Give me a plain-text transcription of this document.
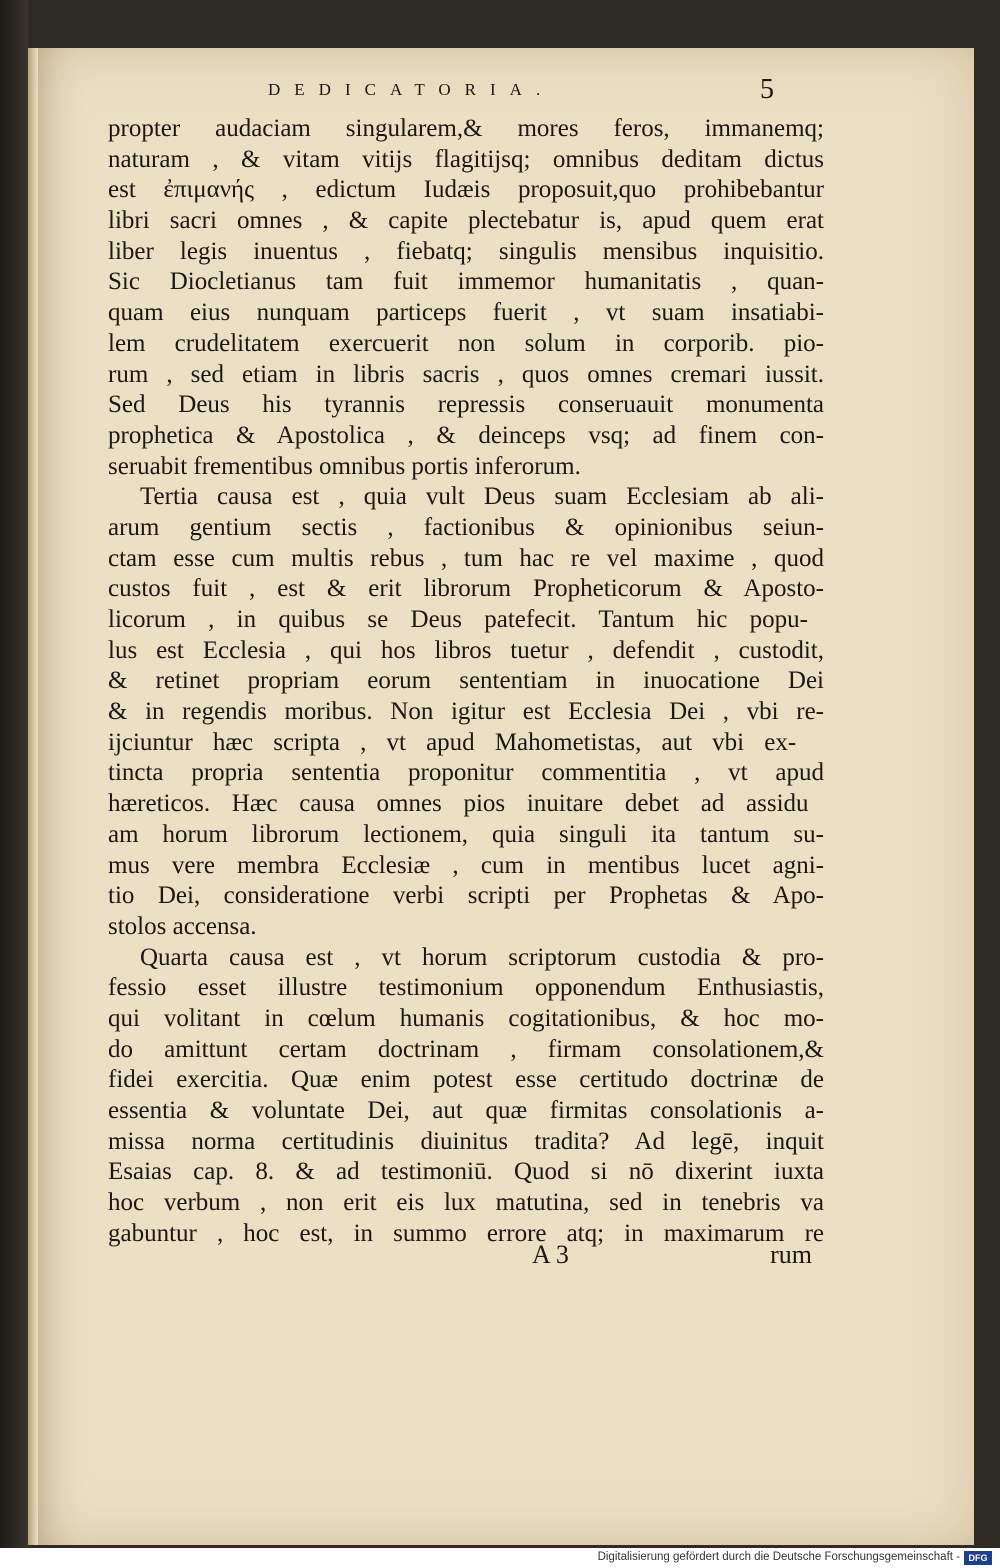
DEDICATORIA.	5
propter audaciam singularem,& mores feros, immanemq;
naturam , & vitam vitijs flagitijsq; omnibus deditam dictus
est ἐπιμανής , edictum Iudæis proposuit,quo prohibebantur
libri sacri omnes , & capite plectebatur is, apud quem erat
liber legis inuentus , fiebatq; singulis mensibus inquisitio.
Sic Diocletianus tam fuit immemor humanitatis , quan-
quam eius nunquam particeps fuerit , vt suam insatiabi-
lem crudelitatem exercuerit non solum in corporib. pio-
rum , sed etiam in libris sacris , quos omnes cremari iussit.
Sed Deus his tyrannis repressis conseruauit monumenta
prophetica & Apostolica , & deinceps vsq; ad finem con-
seruabit frementibus omnibus portis inferorum.
Tertia causa est , quia vult Deus suam Ecclesiam ab ali-
arum gentium sectis , factionibus & opinionibus seiun-
ctam esse cum multis rebus , tum hac re vel maxime , quod
custos fuit , est & erit librorum Propheticorum & Aposto-
licorum , in quibus se Deus patefecit. Tantum hic popu-
lus est Ecclesia , qui hos libros tuetur , defendit , custodit,
& retinet propriam eorum sententiam in inuocatione Dei
& in regendis moribus. Non igitur est Ecclesia Dei , vbi re-
ijciuntur hæc scripta , vt apud Mahometistas, aut vbi ex-
tincta propria sententia proponitur commentitia , vt apud
hæreticos. Hæc causa omnes pios inuitare debet ad assidu
am horum librorum lectionem, quia singuli ita tantum su-
mus vere membra Ecclesiæ , cum in mentibus lucet agni-
tio Dei, consideratione verbi scripti per Prophetas & Apo-
stolos accensa.
Quarta causa est , vt horum scriptorum custodia & pro-
fessio esset illustre testimonium opponendum Enthusiastis,
qui volitant in cœlum humanis cogitationibus, & hoc mo-
do amittunt certam doctrinam , firmam consolationem,&
fidei exercitia. Quæ enim potest esse certitudo doctrinæ de
essentia & voluntate Dei, aut quæ firmitas consolationis a-
missa norma certitudinis diuinitus tradita? Ad legē, inquit
Esaias cap. 8. & ad testimoniū. Quod si nō dixerint iuxta
hoc verbum , non erit eis lux matutina, sed in tenebris va
gabuntur , hoc est, in summo errore atq; in maximarum re
A 3	rum
Digitalisierung gefördert durch die Deutsche Forschungsgemeinschaft - DFG
